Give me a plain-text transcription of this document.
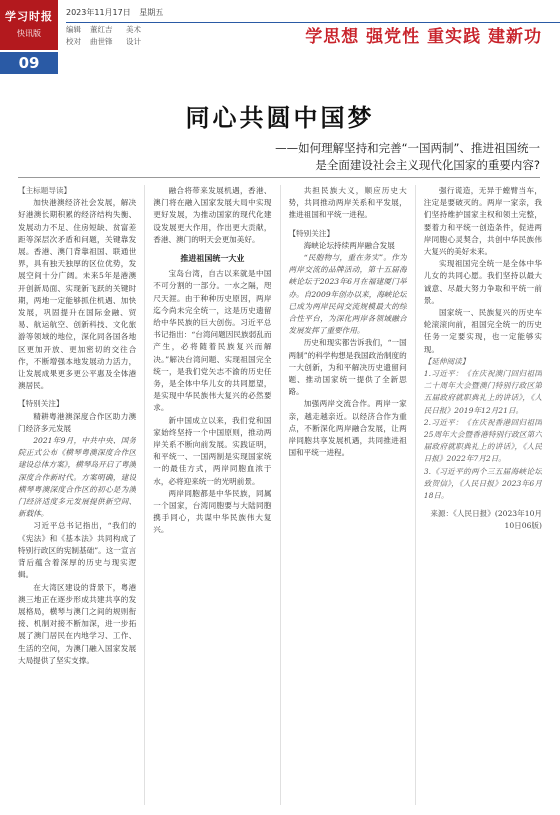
学习时报
快讯版
09
2023年11月17日 星期五
编辑 董红吉 美术
校对 曲世锋 设计	学思想 强党性 重实践 建新功
同心共圆中国梦
——如何理解坚持和完善“一国两制”、推进祖国统一
是全面建设社会主义现代化国家的重要内容?

【主标题导读】

加快港澳经济社会发展，解决好港澳长期积累的经济结构失衡、发展动力不足、住房短缺、贫富差距等深层次矛盾和问题，关键靠发展。香港、澳门背靠祖国、联通世界，具有独天独厚的区位优势，发展空间十分广阔。未来5年是港澳开创新局面、实现新飞跃的关键时期，两地一定能够抓住机遇、加快发展，巩固提升在国际金融、贸易、航运航空、创新科技、文化旅游等领域的地位，深化同各国各地区更加开放、更加密切的交往合作，不断增强本地发展动力活力，让发展成果更多更公平惠及全体港澳居民。

【特别关注】

精耕粤港澳深度合作区助力澳门经济多元发展

2021年9月，中共中央、国务院正式公布《横琴粤澳深度合作区建设总体方案》，横琴岛开启了粤澳深度合作新时代。方案明确，建设横琴粤澳深度合作区的初心是为澳门经济适度多元发展提供新空间、新载体。

习近平总书记指出，“我们的《宪法》和《基本法》共同构成了特别行政区的宪制基础”。这一宣言背后蕴含着深厚的历史与现实逻辑。

在大湾区建设的背景下，粤港澳三地正在逐步形成共建共享的发展格局，横琴与澳门之间的规则衔接、机制对接不断加深，进一步拓展了澳门居民在内地学习、工作、生活的空间，为澳门融入国家发展大局提供了坚实支撑。

融合将带来发展机遇，香港、澳门将在融入国家发展大局中实现更好发展，为推动国家的现代化建设发展更大作用，作出更大贡献，香港、澳门的明天会更加美好。

推进祖国统一大业

宝岛台湾，自古以来就是中国不可分割的一部分。一水之隔，咫尺天涯。由于种种历史原因，两岸迄今尚未完全统一，这是历史遗留给中华民族的巨大创伤。习近平总书记指出：“台湾问题因民族弱乱而产生，必将随着民族复兴而解决。”解决台湾问题、实现祖国完全统一，是我们党矢志不渝的历史任务，是全体中华儿女的共同愿望，是实现中华民族伟大复兴的必然要求。

新中国成立以来，我们党和国家始终坚持一个中国原则，推动两岸关系不断向前发展。实践证明，和平统一、一国两制是实现国家统一的最佳方式，两岸同胞血浓于水，必将迎来统一的光明前景。

两岸同胞都是中华民族，同属一个国家，台湾同胞要与大陆同胞携手同心，共谋中华民族伟大复兴。

共担民族大义，顺应历史大势，共同推动两岸关系和平发展，推进祖国和平统一进程。

【特别关注】

海峡论坛持续两岸融合发展

“民胞物与，重在务实”。作为两岸交流的品牌活动，第十五届海峡论坛于2023年6月在福建厦门举办。自2009年创办以来，海峡论坛已成为两岸民间交流规模最大的综合性平台，为深化两岸各领域融合发展发挥了重要作用。

历史和现实都告诉我们，“一国两制”的科学构想是我国政治制度的一大创新，为和平解决历史遗留问题、推动国家统一提供了全新思路。

加强两岸交流合作。两岸一家亲，越走越亲近。以经济合作为重点，不断深化两岸融合发展，让两岸同胞共享发展机遇，共同推进祖国和平统一进程。

强行谎造，无异于螳臂当车，注定是要破灭的。两岸一家亲，我们坚持维护国家主权和领土完整，要着力和平统一创造条件，促进两岸同胞心灵契合，共创中华民族伟大复兴的美好未来。

实现祖国完全统一是全体中华儿女的共同心愿。我们坚持以最大诚意、尽最大努力争取和平统一前景。

国家统一、民族复兴的历史车轮滚滚向前，祖国完全统一的历史任务一定要实现，也一定能够实现。

【延伸阅读】

1.习近平：《在庆祝澳门回归祖国二十周年大会暨澳门特别行政区第五届政府就职典礼上的讲话》，《人民日报》2019年12月21日。

2.习近平：《在庆祝香港回归祖国25周年大会暨香港特别行政区第六届政府就职典礼上的讲话》，《人民日报》2022年7月2日。

3.《习近平的两个三五届海峡论坛致贺信》，《人民日报》2023年6月18日。

来源：《人民日报》(2023年10月10日06版)
